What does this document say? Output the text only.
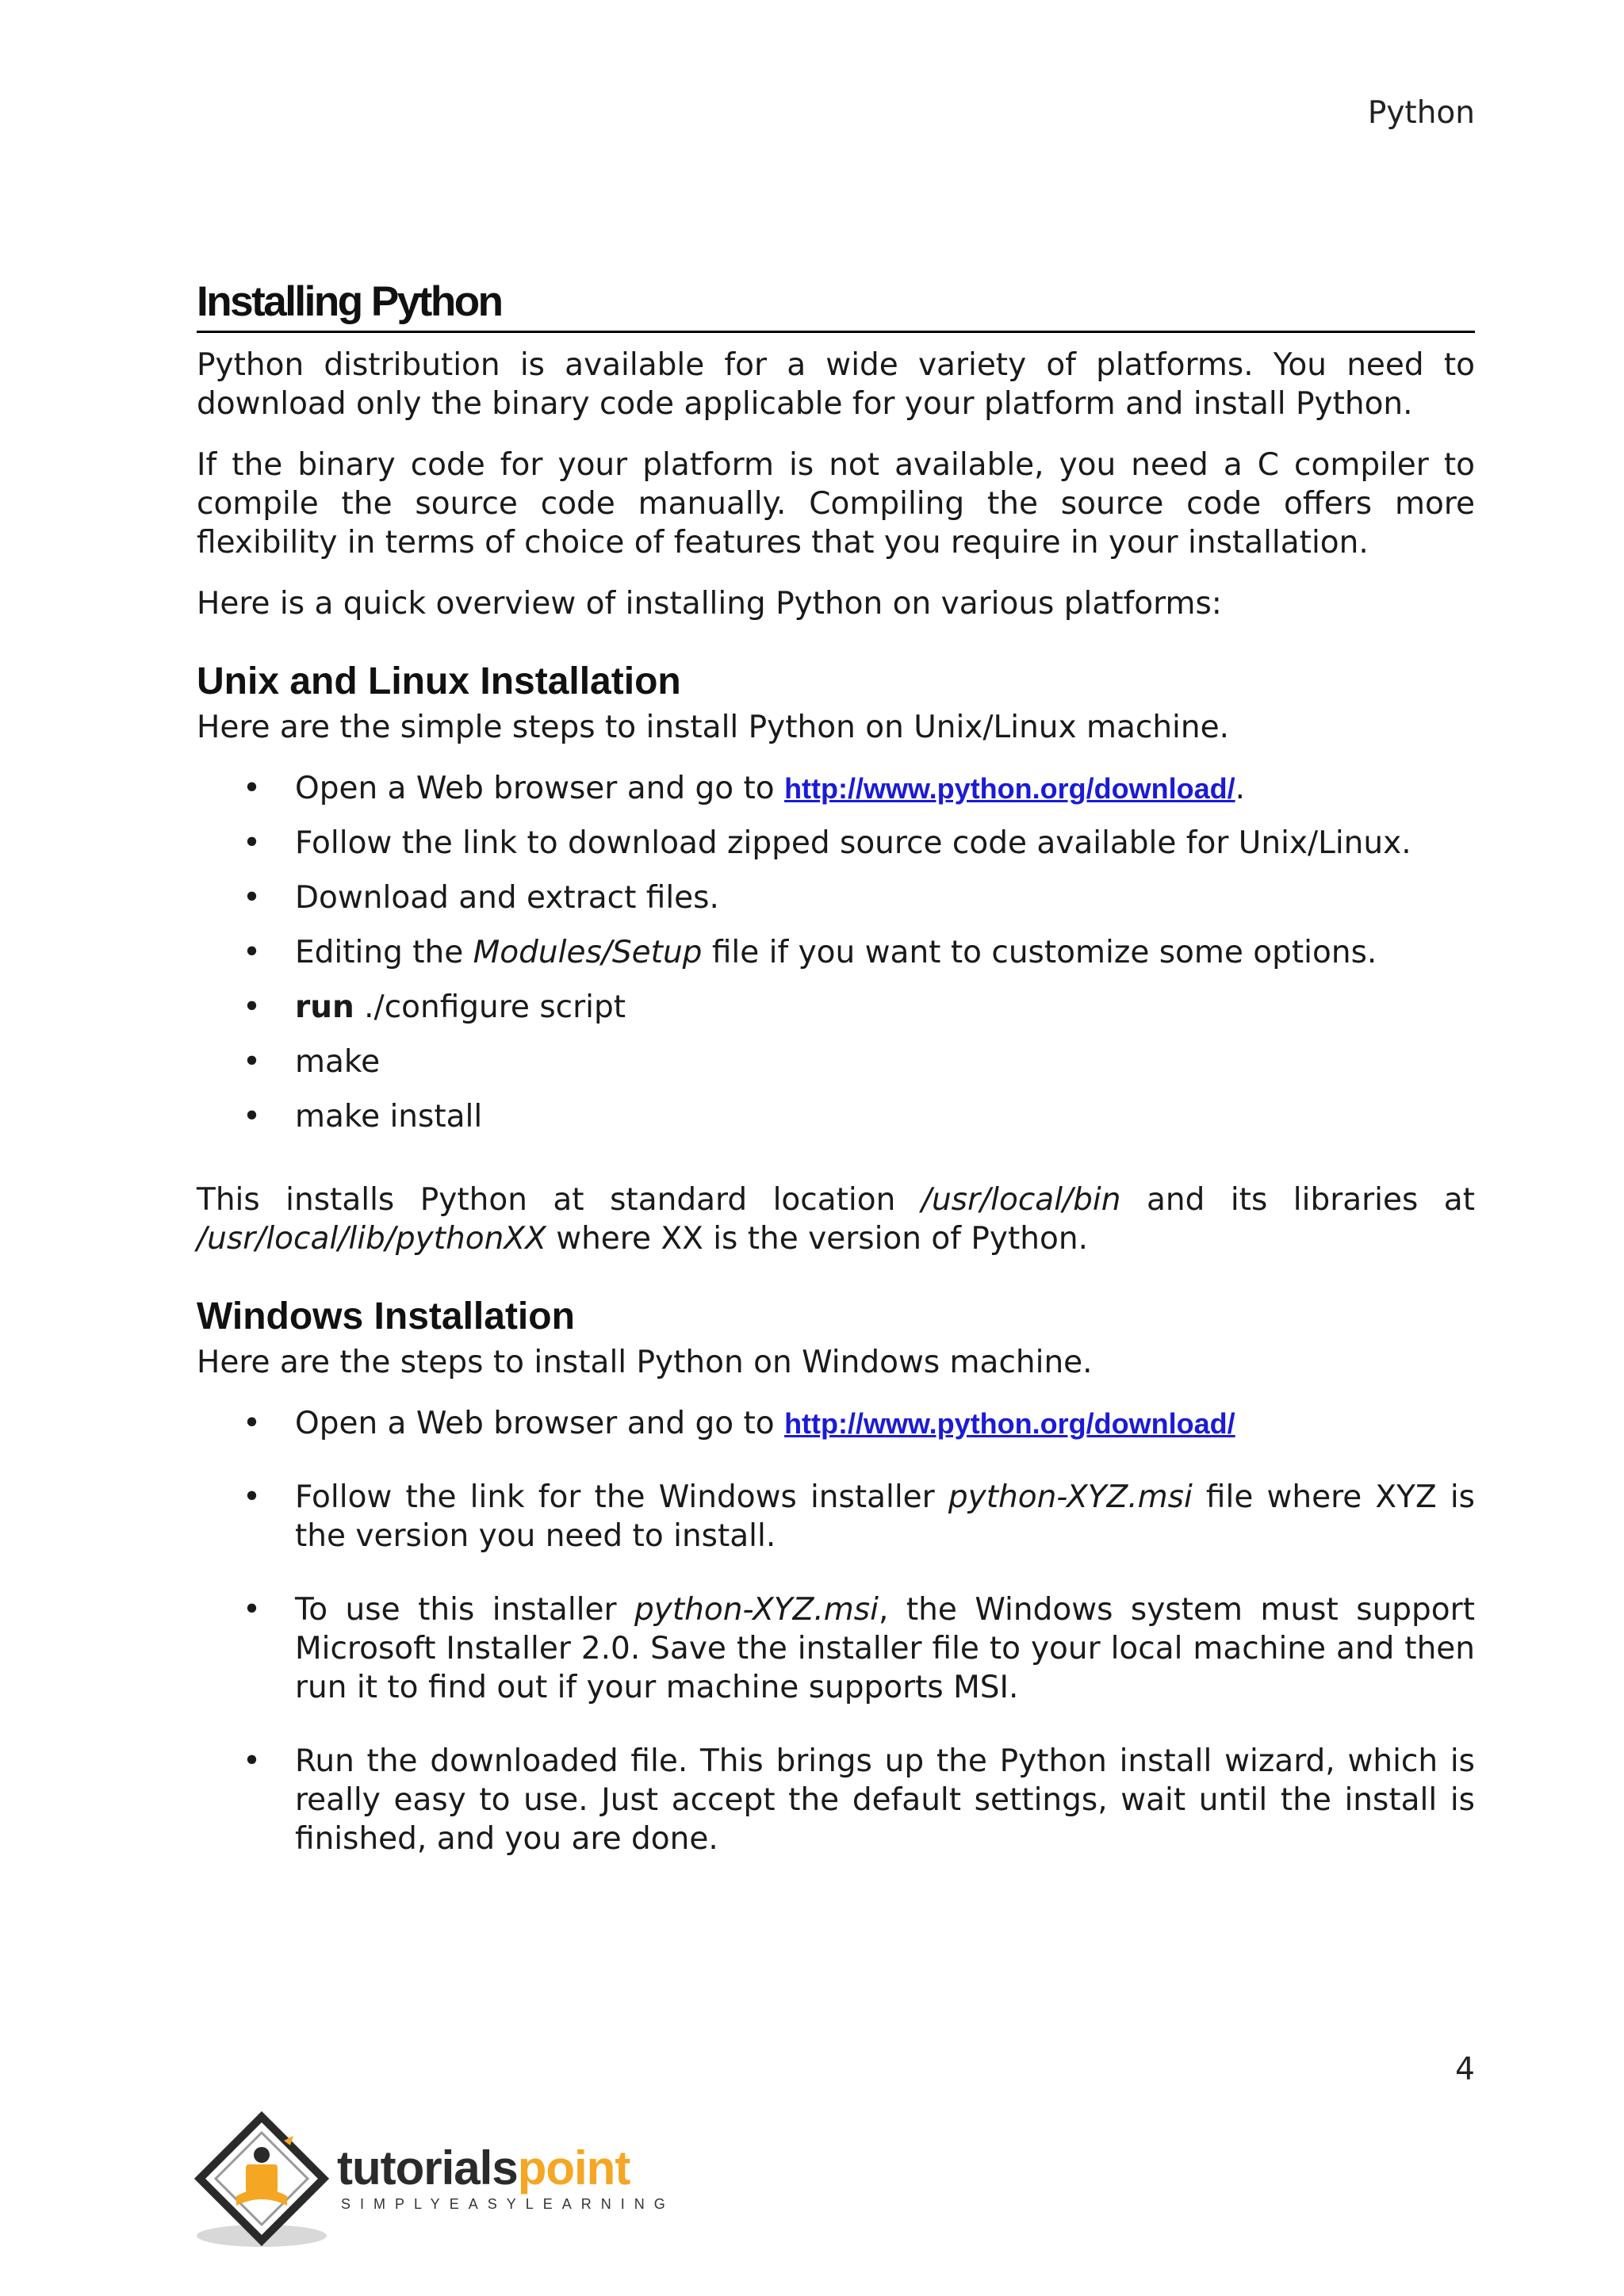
Python
Installing Python

Python distribution is available for a wide variety of platforms. You need to download only the binary code applicable for your platform and install Python.

If the binary code for your platform is not available, you need a C compiler to compile the source code manually. Compiling the source code offers more flexibility in terms of choice of features that you require in your installation.

Here is a quick overview of installing Python on various platforms:

Unix and Linux Installation

Here are the simple steps to install Python on Unix/Linux machine.

• Open a Web browser and go to http://www.python.org/download/.
• Follow the link to download zipped source code available for Unix/Linux.
• Download and extract files.
• Editing the Modules/Setup file if you want to customize some options.
• run ./configure script
• make
• make install

This installs Python at standard location /usr/local/bin and its libraries at /usr/local/lib/pythonXX where XX is the version of Python.

Windows Installation

Here are the steps to install Python on Windows machine.

• Open a Web browser and go to http://www.python.org/download/
• Follow the link for the Windows installer python-XYZ.msi file where XYZ is the version you need to install.
• To use this installer python-XYZ.msi, the Windows system must support Microsoft Installer 2.0. Save the installer file to your local machine and then run it to find out if your machine supports MSI.
• Run the downloaded file. This brings up the Python install wizard, which is really easy to use. Just accept the default settings, wait until the install is finished, and you are done.
4
tutorialspoint
SIMPLYEASYLEARNING
